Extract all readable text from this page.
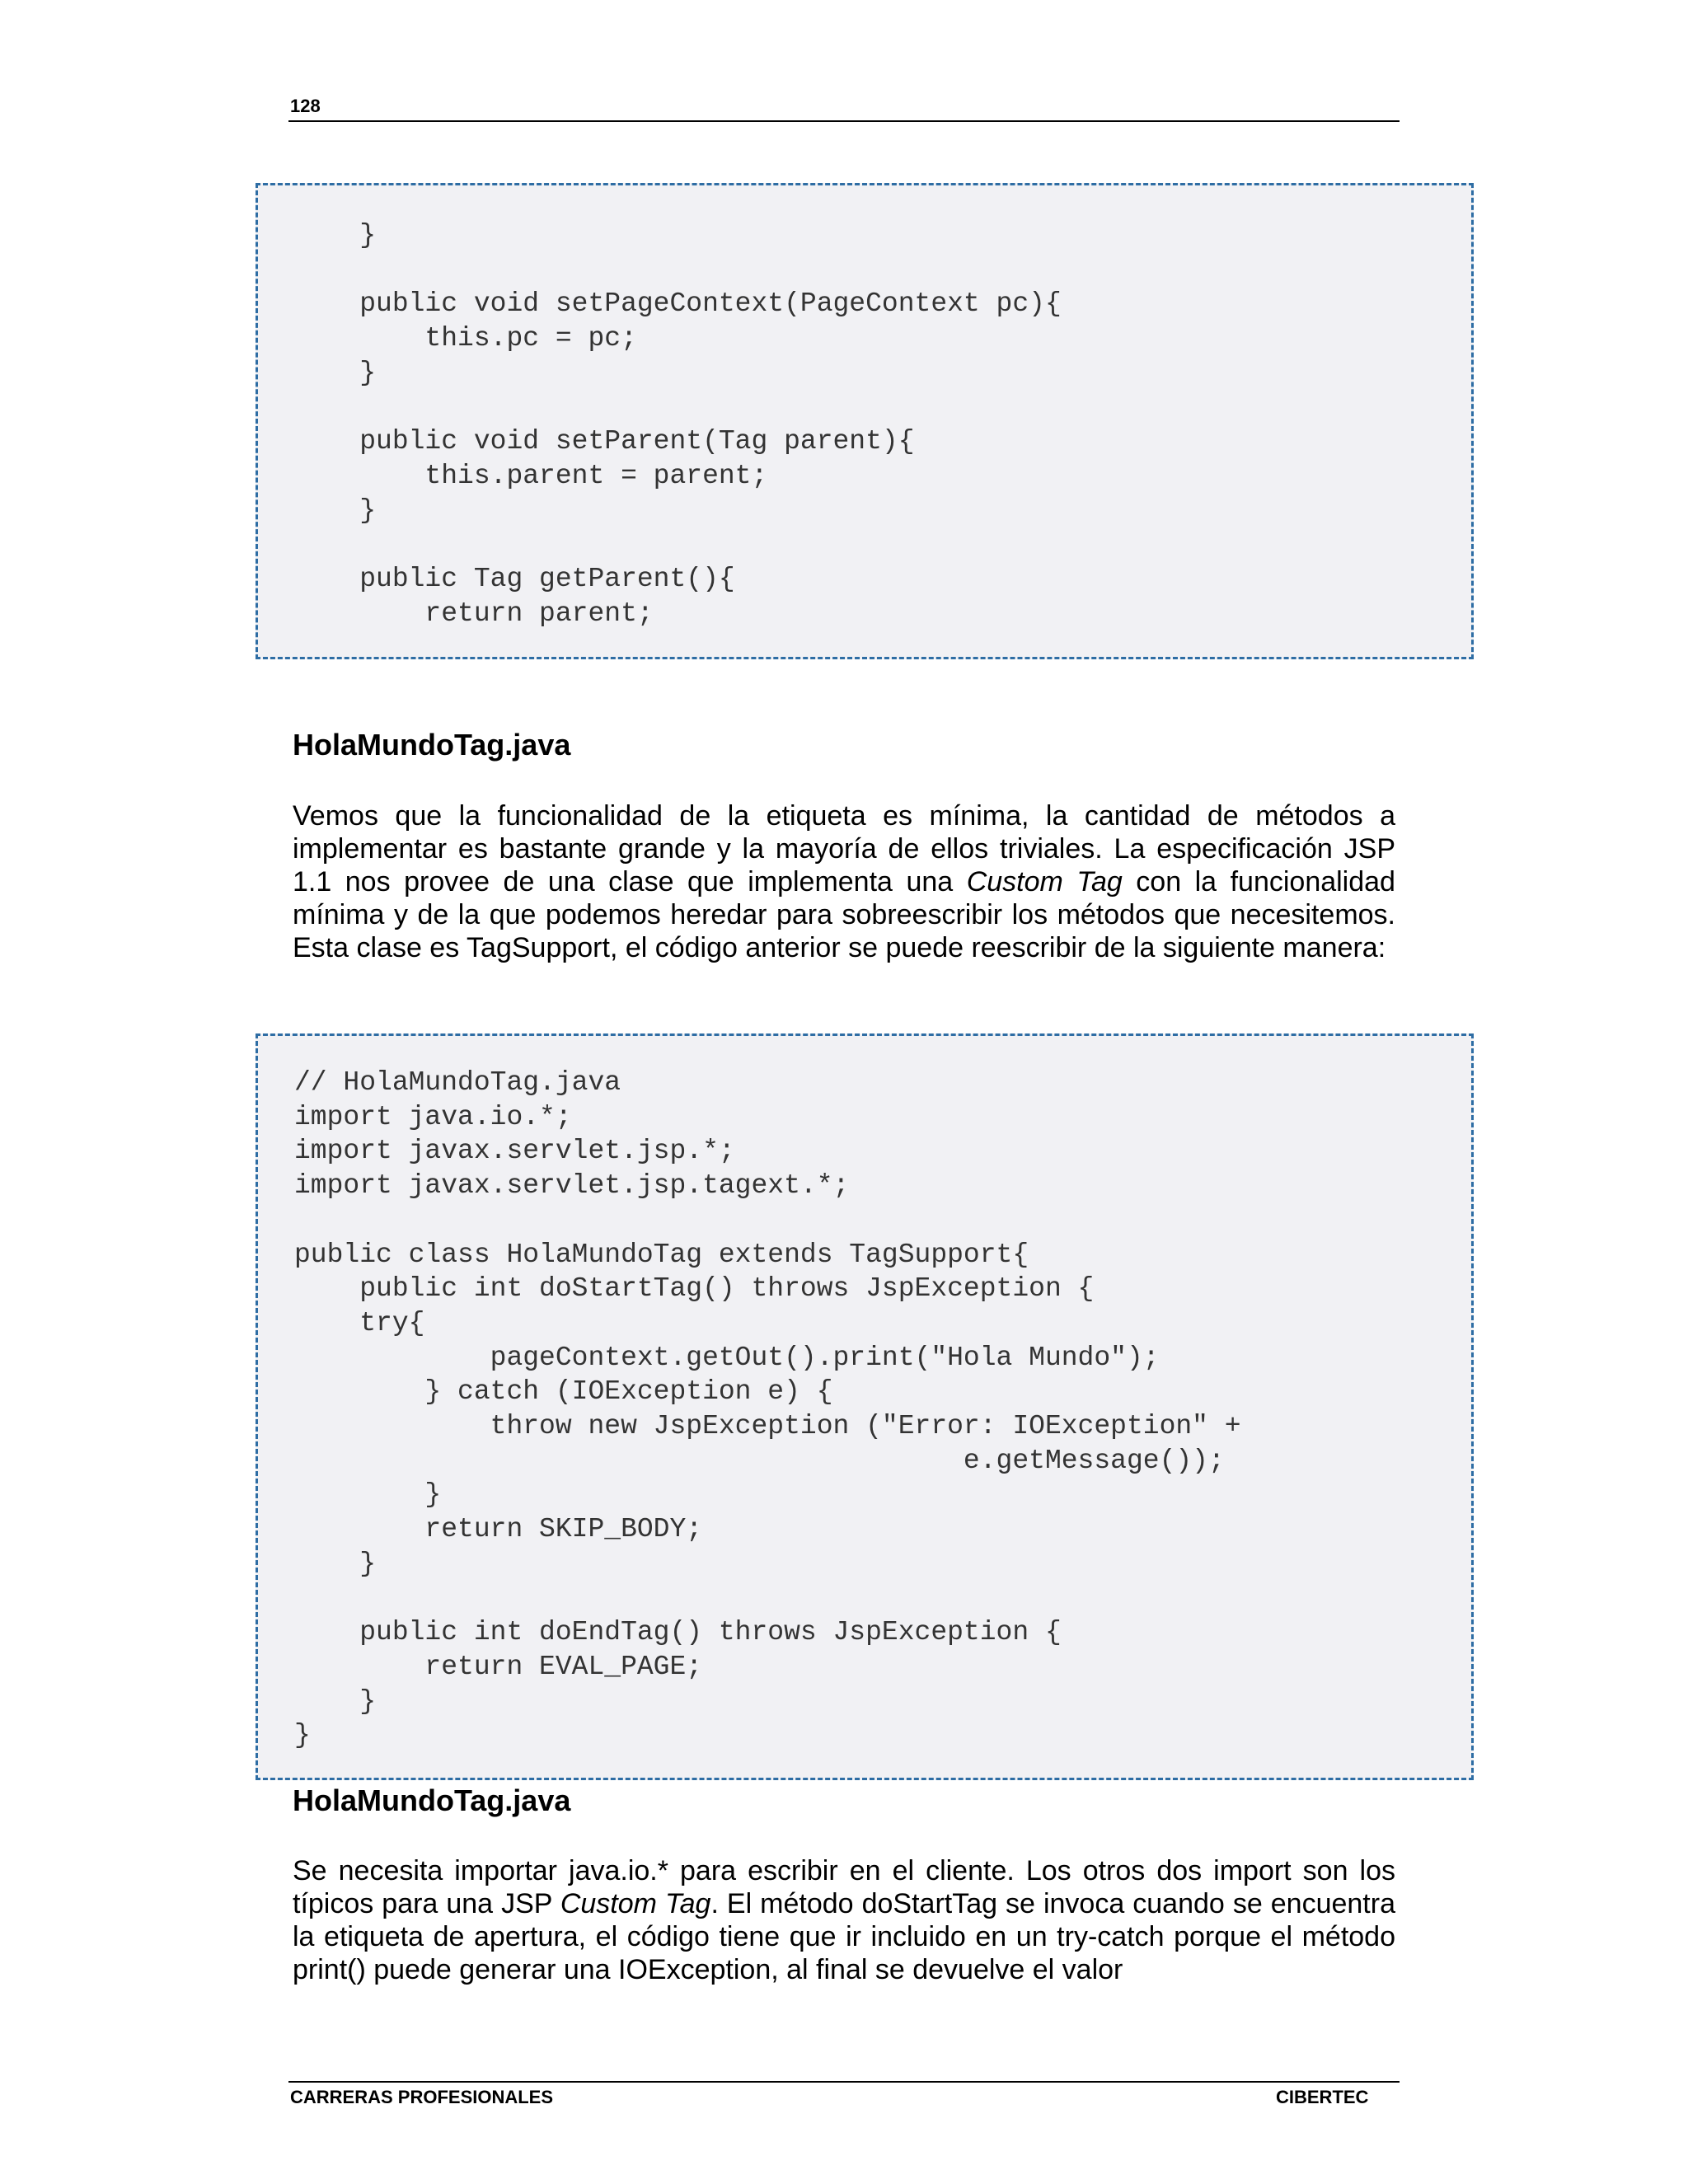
128
}

public void setPageContext(PageContext pc){
this.pc = pc;
}

public void setParent(Tag parent){
this.parent = parent;
}

public Tag getParent(){
return parent;
HolaMundoTag.java

Vemos que la funcionalidad de la etiqueta es mínima, la cantidad de métodos a implementar es bastante grande y la mayoría de ellos triviales. La especificación JSP 1.1 nos provee de una clase que implementa una Custom Tag con la funcionalidad mínima y de la que podemos heredar para sobreescribir los métodos que necesitemos. Esta clase es TagSupport, el código anterior se puede reescribir de la siguiente manera:

// HolaMundoTag.java
import java.io.*;
import javax.servlet.jsp.*;
import javax.servlet.jsp.tagext.*;

public class HolaMundoTag extends TagSupport{
public int doStartTag() throws JspException {
try{
pageContext.getOut().print("Hola Mundo");
} catch (IOException e) {
throw new JspException ("Error: IOException" +
e.getMessage());
}
return SKIP_BODY;
}

public int doEndTag() throws JspException {
return EVAL_PAGE;
}
}
HolaMundoTag.java

Se necesita importar java.io.* para escribir en el cliente. Los otros dos import son los típicos para una JSP Custom Tag. El método doStartTag se invoca cuando se encuentra la etiqueta de apertura, el código tiene que ir incluido en un try-catch porque el método print() puede generar una IOException, al final se devuelve el valor

CARRERAS PROFESIONALES	CIBERTEC
